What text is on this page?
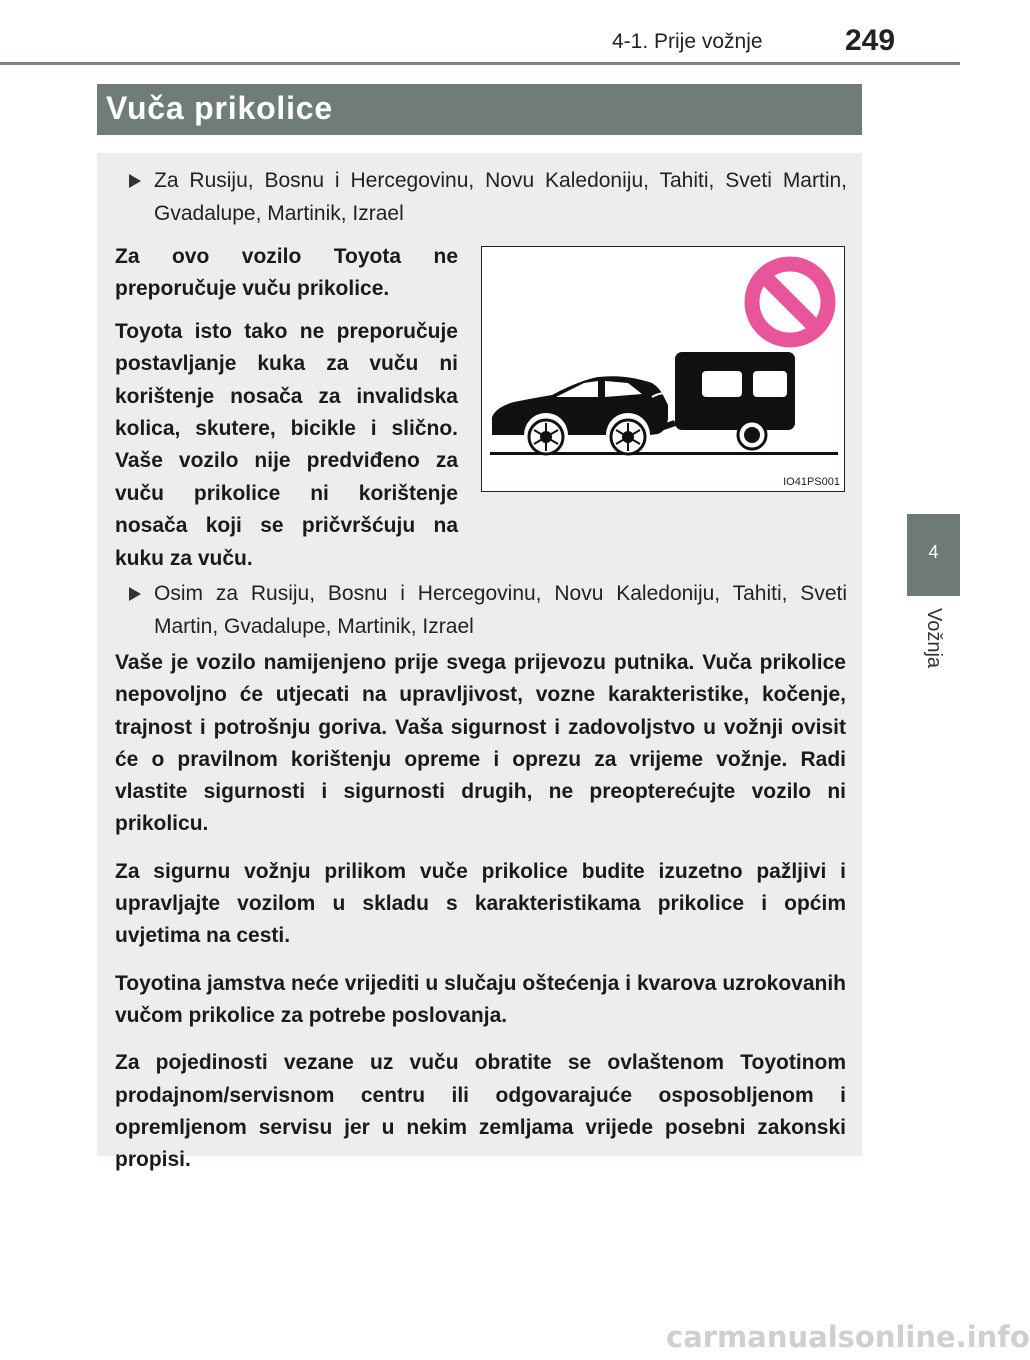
4-1. Prije vožnje	249
4
Vožnja
Vuča prikolice
Za Rusiju, Bosnu i Hercegovinu, Novu Kaledoniju, Tahiti, Sveti Martin, Gvadalupe, Martinik, Izrael

Za ovo vozilo Toyota ne preporučuje vuču prikolice.

Toyota isto tako ne preporučuje postavljanje kuka za vuču ni korištenje nosača za invalidska kolica, skutere, bicikle i slično. Vaše vozilo nije predviđeno za vuču prikolice ni korištenje nosača koji se pričvršćuju na kuku za vuču.

IO41PS001
Osim za Rusiju, Bosnu i Hercegovinu, Novu Kaledoniju, Tahiti, Sveti Martin, Gvadalupe, Martinik, Izrael

Vaše je vozilo namijenjeno prije svega prijevozu putnika. Vuča prikolice nepovoljno će utjecati na upravljivost, vozne karakteristike, kočenje, trajnost i potrošnju goriva. Vaša sigurnost i zadovoljstvo u vožnji ovisit će o pravilnom korištenju opreme i oprezu za vrijeme vožnje. Radi vlastite sigurnosti i sigurnosti drugih, ne preopterećujte vozilo ni prikolicu.

Za sigurnu vožnju prilikom vuče prikolice budite izuzetno pažljivi i upravljajte vozilom u skladu s karakteristikama prikolice i općim uvjetima na cesti.

Toyotina jamstva neće vrijediti u slučaju oštećenja i kvarova uzrokovanih vučom prikolice za potrebe poslovanja.

Za pojedinosti vezane uz vuču obratite se ovlaštenom Toyotinom prodajnom/servisnom centru ili odgovarajuće osposobljenom i opremljenom servisu jer u nekim zemljama vrijede posebni zakonski propisi.

carmanualsonline.info
